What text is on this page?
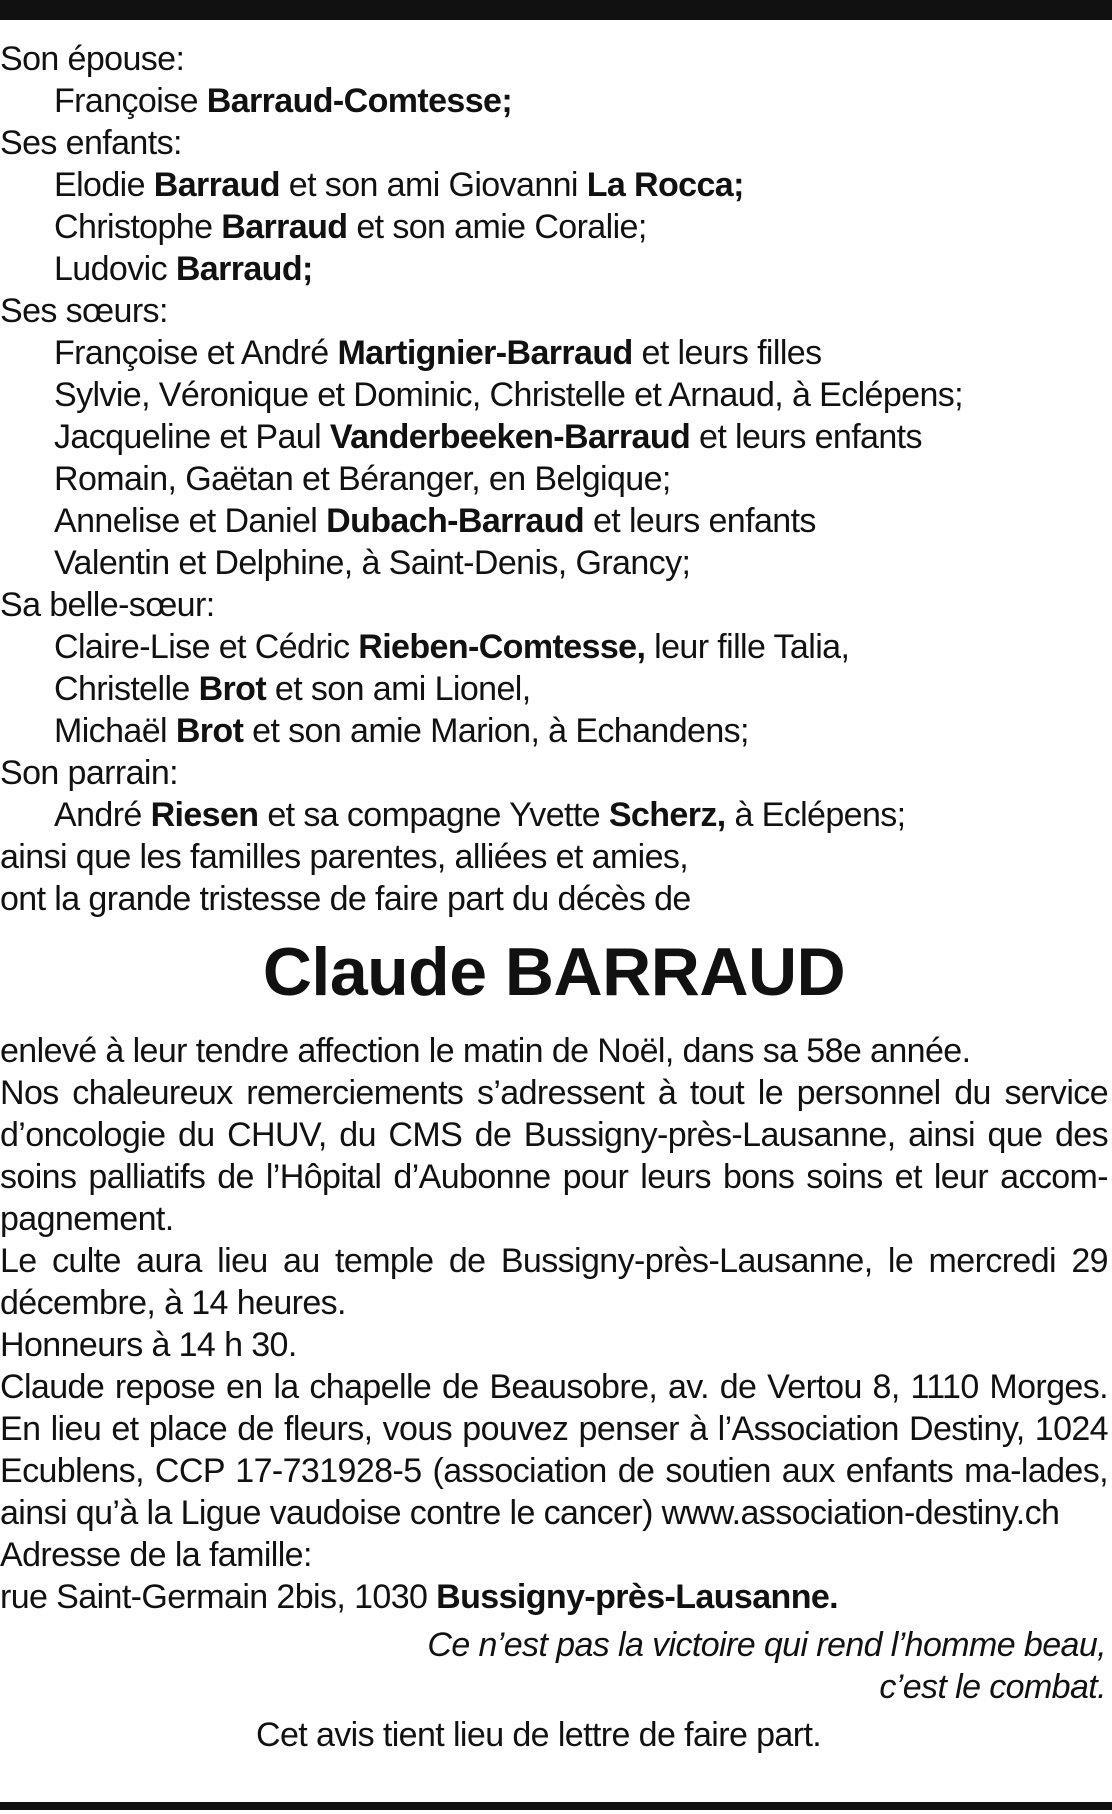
Son épouse:
Françoise Barraud-Comtesse;
Ses enfants:
Elodie Barraud et son ami Giovanni La Rocca;
Christophe Barraud et son amie Coralie;
Ludovic Barraud;
Ses sœurs:
Françoise et André Martignier-Barraud et leurs filles
Sylvie, Véronique et Dominic, Christelle et Arnaud, à Eclépens;
Jacqueline et Paul Vanderbeeken-Barraud et leurs enfants
Romain, Gaëtan et Béranger, en Belgique;
Annelise et Daniel Dubach-Barraud et leurs enfants
Valentin et Delphine, à Saint-Denis, Grancy;
Sa belle-sœur:
Claire-Lise et Cédric Rieben-Comtesse, leur fille Talia,
Christelle Brot et son ami Lionel,
Michaël Brot et son amie Marion, à Echandens;
Son parrain:
André Riesen et sa compagne Yvette Scherz, à Eclépens;
ainsi que les familles parentes, alliées et amies,
ont la grande tristesse de faire part du décès de
Claude BARRAUD
enlevé à leur tendre affection le matin de Noël, dans sa 58e année.
Nos chaleureux remerciements s’adressent à tout le personnel du service d’oncologie du CHUV, du CMS de Bussigny-près-Lausanne, ainsi que des soins palliatifs de l’Hôpital d’Aubonne pour leurs bons soins et leur accom-pagnement.
Le culte aura lieu au temple de Bussigny-près-Lausanne, le mercredi 29 décembre, à 14 heures.
Honneurs à 14 h 30.
Claude repose en la chapelle de Beausobre, av. de Vertou 8, 1110 Morges.
En lieu et place de fleurs, vous pouvez penser à l’Association Destiny, 1024 Ecublens, CCP 17-731928-5 (association de soutien aux enfants ma-lades, ainsi qu’à la Ligue vaudoise contre le cancer) www.association-destiny.ch
Adresse de la famille:
rue Saint-Germain 2bis, 1030 Bussigny-près-Lausanne.
Ce n’est pas la victoire qui rend l’homme beau,
c’est le combat.
Cet avis tient lieu de lettre de faire part.
